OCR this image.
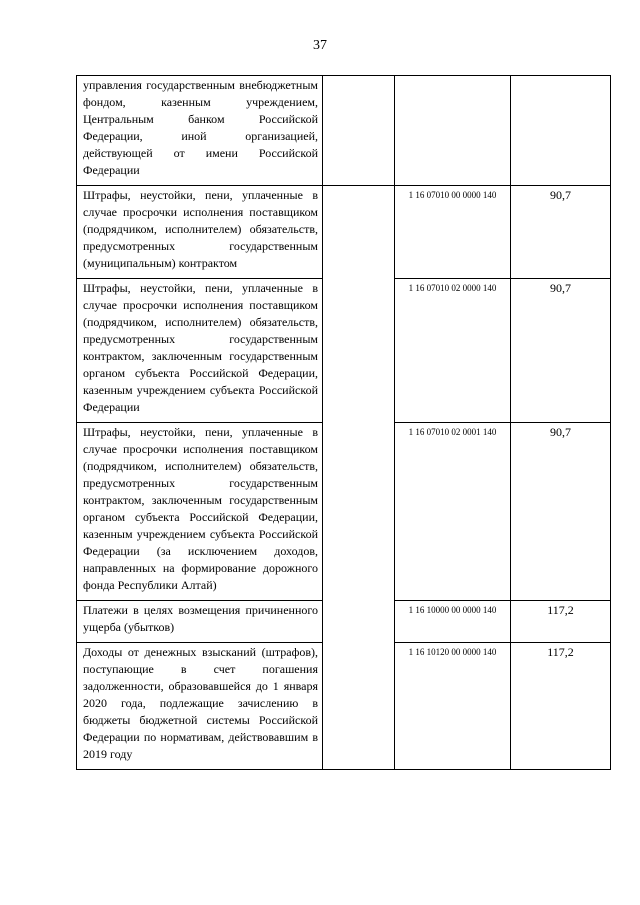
37
управления государственным внебюджетным фондом, казенным учреждением, Центральным банком Российской Федерации, иной организацией, действующей от имени Российской Федерации			
Штрафы, неустойки, пени, уплаченные в случае просрочки исполнения поставщиком (подрядчиком, исполнителем) обязательств, предусмотренных государственным (муниципальным) контрактом		1 16 07010 00 0000 140	90,7
Штрафы, неустойки, пени, уплаченные в случае просрочки исполнения поставщиком (подрядчиком, исполнителем) обязательств, предусмотренных государственным контрактом, заключенным государственным органом субъекта Российской Федерации, казенным учреждением субъекта Российской Федерации		1 16 07010 02 0000 140	90,7
Штрафы, неустойки, пени, уплаченные в случае просрочки исполнения поставщиком (подрядчиком, исполнителем) обязательств, предусмотренных государственным контрактом, заключенным государственным органом субъекта Российской Федерации, казенным учреждением субъекта Российской Федерации (за исключением доходов, направленных на формирование дорожного фонда Республики Алтай)		1 16 07010 02 0001 140	90,7
Платежи в целях возмещения причиненного ущерба (убытков)		1 16 10000 00 0000 140	117,2
Доходы от денежных взысканий (штрафов), поступающие в счет погашения задолженности, образовавшейся до 1 января 2020 года, подлежащие зачислению в бюджеты бюджетной системы Российской Федерации по нормативам, действовавшим в 2019 году		1 16 10120 00 0000 140	117,2
